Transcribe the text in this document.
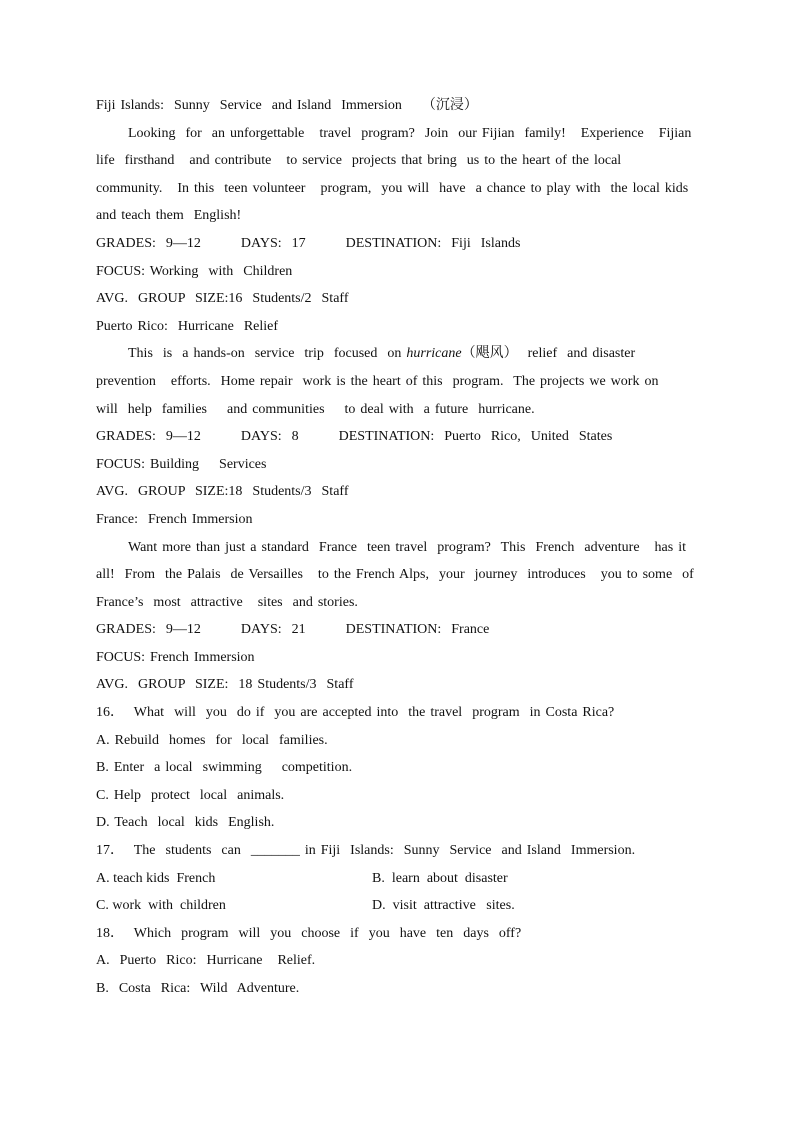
Fiji Islands:  Sunny  Service  and Island  Immersion    （沉浸）

Looking  for  an unforgettable   travel  program?  Join  our Fijian  family!   Experience   Fijian

life  firsthand   and contribute   to service  projects that bring  us to the heart of the local

community.   In this  teen volunteer   program,  you will  have  a chance to play with  the local kids

and teach them  English!

GRADES:  9—12        DAYS:  17        DESTINATION:  Fiji  Islands

FOCUS: Working  with  Children

AVG.  GROUP  SIZE:16  Students/2  Staff

Puerto Rico:  Hurricane  Relief

This  is  a hands-on  service  trip  focused  on hurricane（飓风）  relief  and disaster

prevention   efforts.  Home repair  work is the heart of this  program.  The projects we work on

will  help  families    and communities    to deal with  a future  hurricane.

GRADES:  9—12        DAYS:  8        DESTINATION:  Puerto  Rico,  United  States

FOCUS: Building    Services

AVG.  GROUP  SIZE:18  Students/3  Staff

France:  French Immersion

Want more than just a standard  France  teen travel  program?  This  French  adventure   has it

all!  From  the Palais  de Versailles   to the French Alps,  your  journey  introduces   you to some  of

France’s  most  attractive   sites  and stories.

GRADES:  9—12        DAYS:  21        DESTINATION:  France

FOCUS: French Immersion

AVG.  GROUP  SIZE:  18 Students/3  Staff

16．  What  will  you  do if  you are accepted into  the travel  program  in Costa Rica?

A. Rebuild  homes  for  local  families.

B. Enter  a local  swimming    competition.

C. Help  protect  local  animals.

D. Teach  local  kids  English.

17．  The  students  can  _______ in Fiji  Islands:  Sunny  Service  and Island  Immersion.

A. teach kids  French	B.  learn  about  disaster
C. work  with  children	D.  visit  attractive   sites.

18．  Which  program  will  you  choose  if  you  have  ten  days  off?

A.  Puerto  Rico:  Hurricane   Relief.

B.  Costa  Rica:  Wild  Adventure.
